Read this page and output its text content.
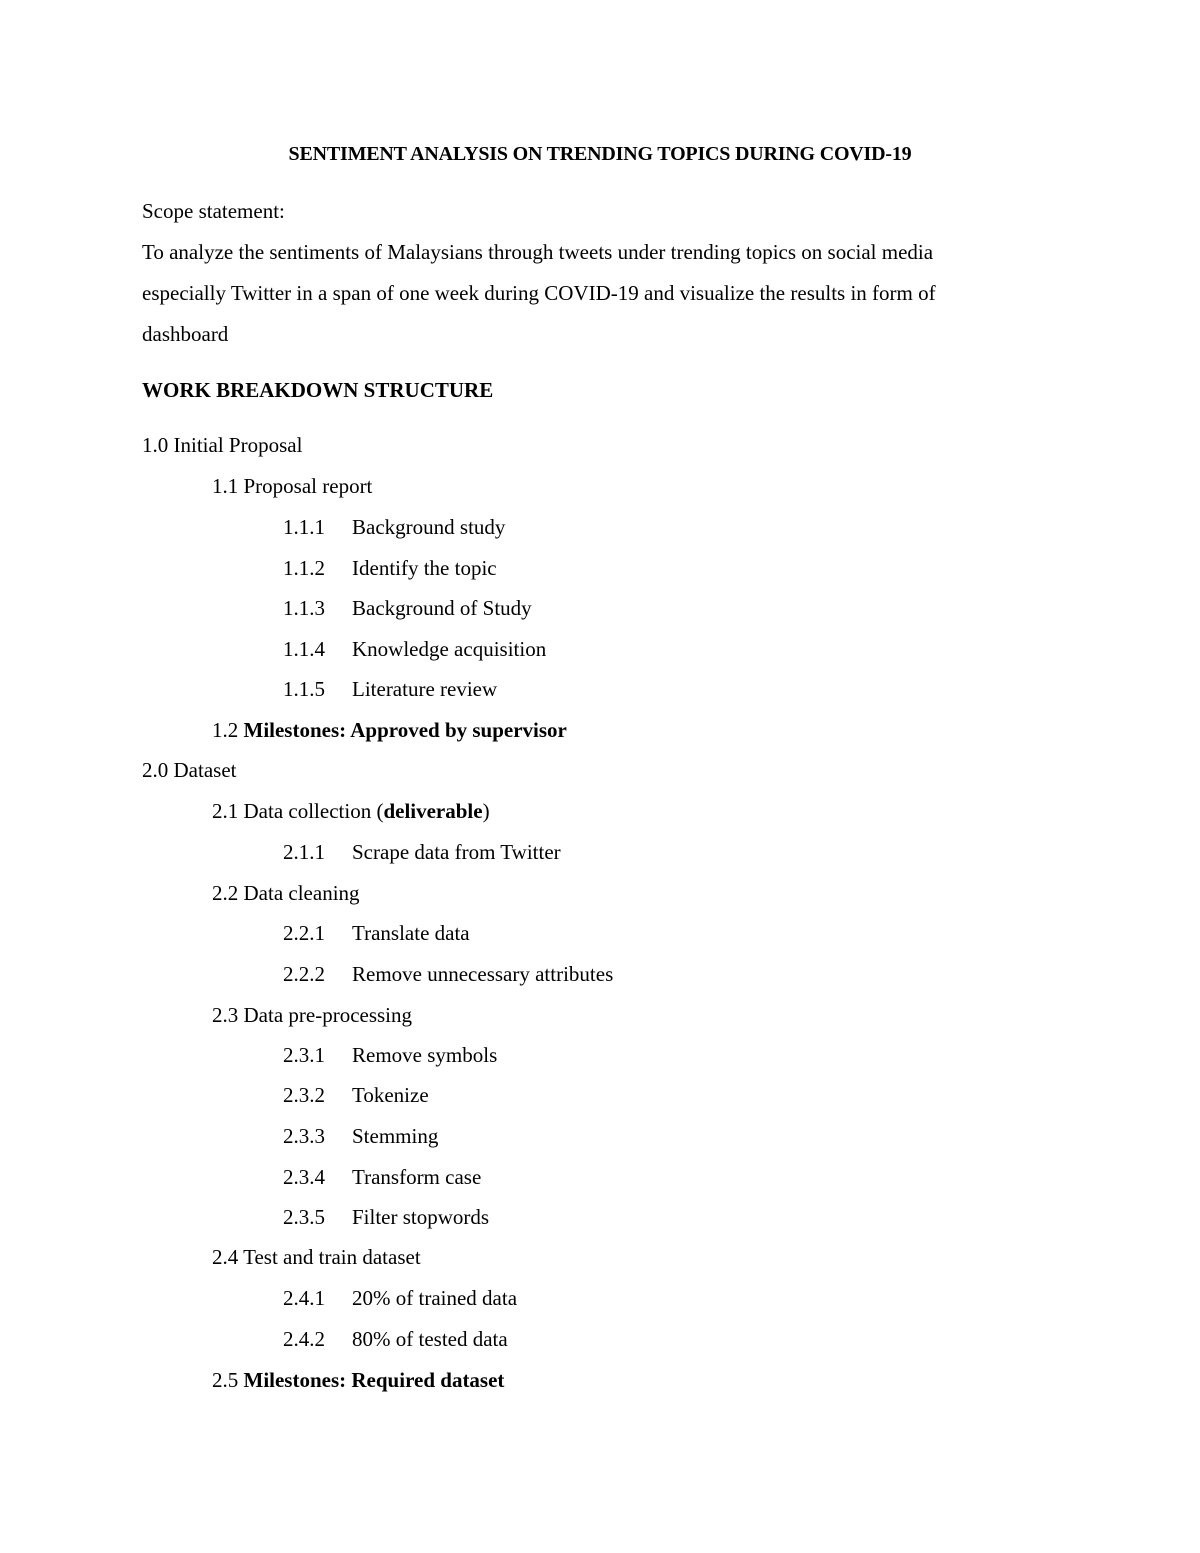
SENTIMENT ANALYSIS ON TRENDING TOPICS DURING COVID-19
Scope statement:
To analyze the sentiments of Malaysians through tweets under trending topics on social media
especially Twitter in a span of one week during COVID-19 and visualize the results in form of
dashboard
WORK BREAKDOWN STRUCTURE
1.0 Initial Proposal
1.1 Proposal report
1.1.1 Background study
1.1.2 Identify the topic
1.1.3 Background of Study
1.1.4 Knowledge acquisition
1.1.5 Literature review
1.2 Milestones: Approved by supervisor
2.0 Dataset
2.1 Data collection (deliverable)
2.1.1 Scrape data from Twitter
2.2 Data cleaning
2.2.1 Translate data
2.2.2 Remove unnecessary attributes
2.3 Data pre-processing
2.3.1 Remove symbols
2.3.2 Tokenize
2.3.3 Stemming
2.3.4 Transform case
2.3.5 Filter stopwords
2.4 Test and train dataset
2.4.1 20% of trained data
2.4.2 80% of tested data
2.5 Milestones: Required dataset
